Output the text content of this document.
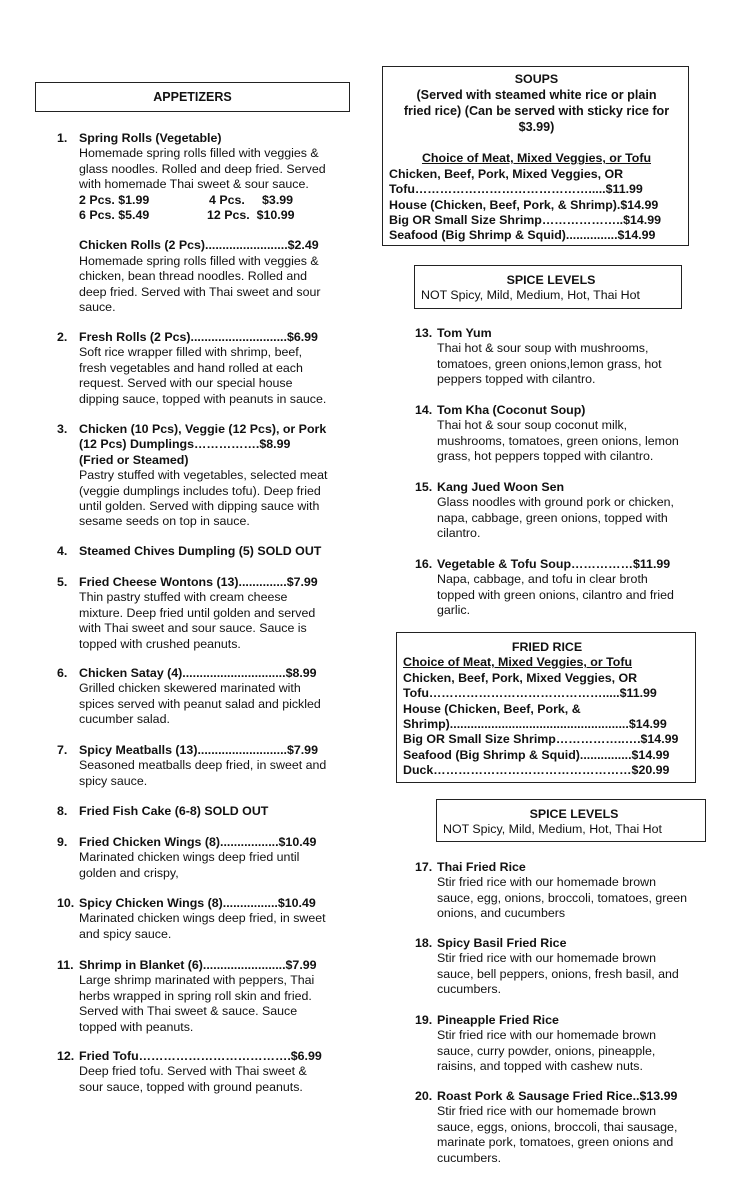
APPETIZERS
1. Spring Rolls (Vegetable)
Homemade spring rolls filled with veggies &
glass noodles. Rolled and deep fried. Served
with homemade Thai sweet & sour sauce.
2 Pcs. $1.99	4 Pcs.     $3.99
6 Pcs. $5.49	12 Pcs.  $10.99
Chicken Rolls (2 Pcs)........................$2.49
Homemade spring rolls filled with veggies &
chicken, bean thread noodles. Rolled and
deep fried. Served with Thai sweet and sour
sauce.
2. Fresh Rolls (2 Pcs)............................$6.99
Soft rice wrapper filled with shrimp, beef,
fresh vegetables and hand rolled at each
request. Served with our special house
dipping sauce, topped with peanuts in sauce.
3. Chicken (10 Pcs), Veggie (12 Pcs), or Pork
(12 Pcs) Dumplings…………….$8.99
(Fried or Steamed)
Pastry stuffed with vegetables, selected meat
(veggie dumplings includes tofu). Deep fried
until golden. Served with dipping sauce with
sesame seeds on top in sauce.
4. Steamed Chives Dumpling (5) SOLD OUT
5. Fried Cheese Wontons (13)..............$7.99
Thin pastry stuffed with cream cheese
mixture. Deep fried until golden and served
with Thai sweet and sour sauce. Sauce is
topped with crushed peanuts.
6. Chicken Satay (4)..............................$8.99
Grilled chicken skewered marinated with
spices served with peanut salad and pickled
cucumber salad.
7. Spicy Meatballs (13)..........................$7.99
Seasoned meatballs deep fried, in sweet and
spicy sauce.
8. Fried Fish Cake (6-8) SOLD OUT
9. Fried Chicken Wings (8).................$10.49
Marinated chicken wings deep fried until
golden and crispy,
10. Spicy Chicken Wings (8)................$10.49
Marinated chicken wings deep fried, in sweet
and spicy sauce.
11. Shrimp in Blanket (6)........................$7.99
Large shrimp marinated with peppers, Thai
herbs wrapped in spring roll skin and fried.
Served with Thai sweet & sauce. Sauce
topped with peanuts.
12. Fried Tofu……………………………….$6.99
Deep fried tofu. Served with Thai sweet &
sour sauce, topped with ground peanuts.
SOUPS
(Served with steamed white rice or plain
fried rice) (Can be served with sticky rice for
$3.99)
Choice of Meat, Mixed Veggies, or Tofu
Chicken, Beef, Pork, Mixed Veggies, OR
Tofu…………………………………….....$11.99
House (Chicken, Beef, Pork, & Shrimp).$14.99
Big OR Small Size Shrimp………………..$14.99
Seafood (Big Shrimp & Squid)...............$14.99
SPICE LEVELS
NOT Spicy, Mild, Medium, Hot, Thai Hot
13. Tom Yum
Thai hot & sour soup with mushrooms,
tomatoes, green onions,lemon grass, hot
peppers topped with cilantro.
14. Tom Kha (Coconut Soup)
Thai hot & sour soup coconut milk,
mushrooms, tomatoes, green onions, lemon
grass, hot peppers topped with cilantro.
15. Kang Jued Woon Sen
Glass noodles with ground pork or chicken,
napa, cabbage, green onions, topped with
cilantro.
16. Vegetable & Tofu Soup……………$11.99
Napa, cabbage, and tofu in clear broth
topped with green onions, cilantro and fried
garlic.
FRIED RICE
Choice of Meat, Mixed Veggies, or Tofu
Chicken, Beef, Pork, Mixed Veggies, OR
Tofu…………………………………….....$11.99
House (Chicken, Beef, Pork, &
Shrimp)....................................................$14.99
Big OR Small Size Shrimp……………..….$14.99
Seafood (Big Shrimp & Squid)...............$14.99
Duck…………………………………………$20.99
SPICE LEVELS
NOT Spicy, Mild, Medium, Hot, Thai Hot
17. Thai Fried Rice
Stir fried rice with our homemade brown
sauce, egg, onions, broccoli, tomatoes, green
onions, and cucumbers
18. Spicy Basil Fried Rice
Stir fried rice with our homemade brown
sauce, bell peppers, onions, fresh basil, and
cucumbers.
19. Pineapple Fried Rice
Stir fried rice with our homemade brown
sauce, curry powder, onions, pineapple,
raisins, and topped with cashew nuts.
20. Roast Pork & Sausage Fried Rice..$13.99
Stir fried rice with our homemade brown
sauce, eggs, onions, broccoli, thai sausage,
marinate pork, tomatoes, green onions and
cucumbers.
